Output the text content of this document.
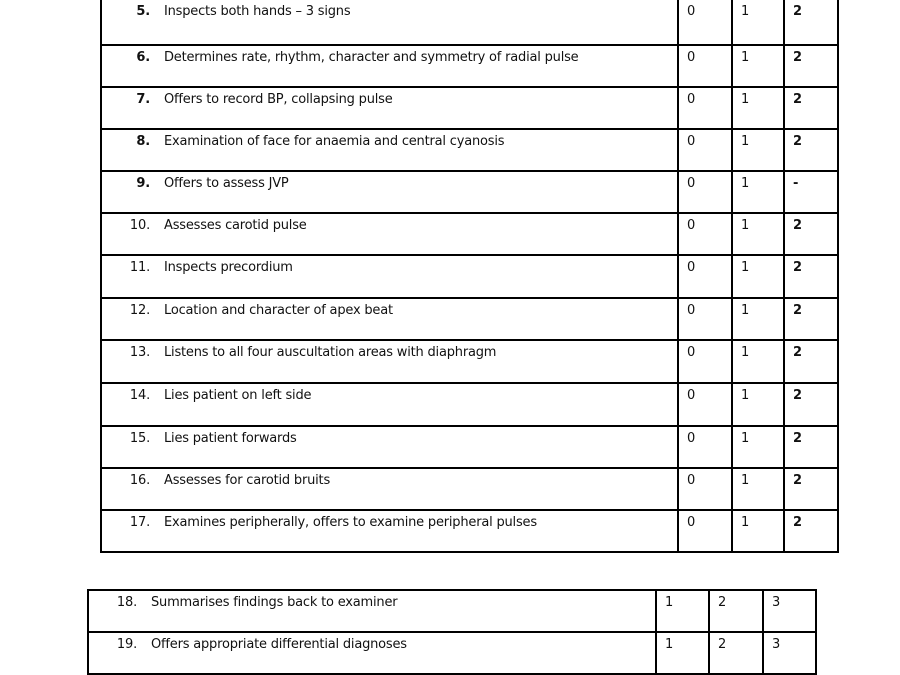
5. Inspects both hands – 3 signs	0	1	2

6. Determines rate, rhythm, character and symmetry of radial pulse	0	1	2

7. Offers to record BP, collapsing pulse	0	1	2

8. Examination of face for anaemia and central cyanosis	0	1	2

9. Offers to assess JVP	0	1	-

10. Assesses carotid pulse	0	1	2

11. Inspects precordium	0	1	2

12. Location and character of apex beat	0	1	2

13. Listens to all four auscultation areas with diaphragm	0	1	2

14. Lies patient on left side	0	1	2

15. Lies patient forwards	0	1	2

16. Assesses for carotid bruits	0	1	2

17. Examines peripherally, offers to examine peripheral pulses	0	1	2
18. Summarises findings back to examiner	1	2	3

19. Offers appropriate differential diagnoses	1	2	3
